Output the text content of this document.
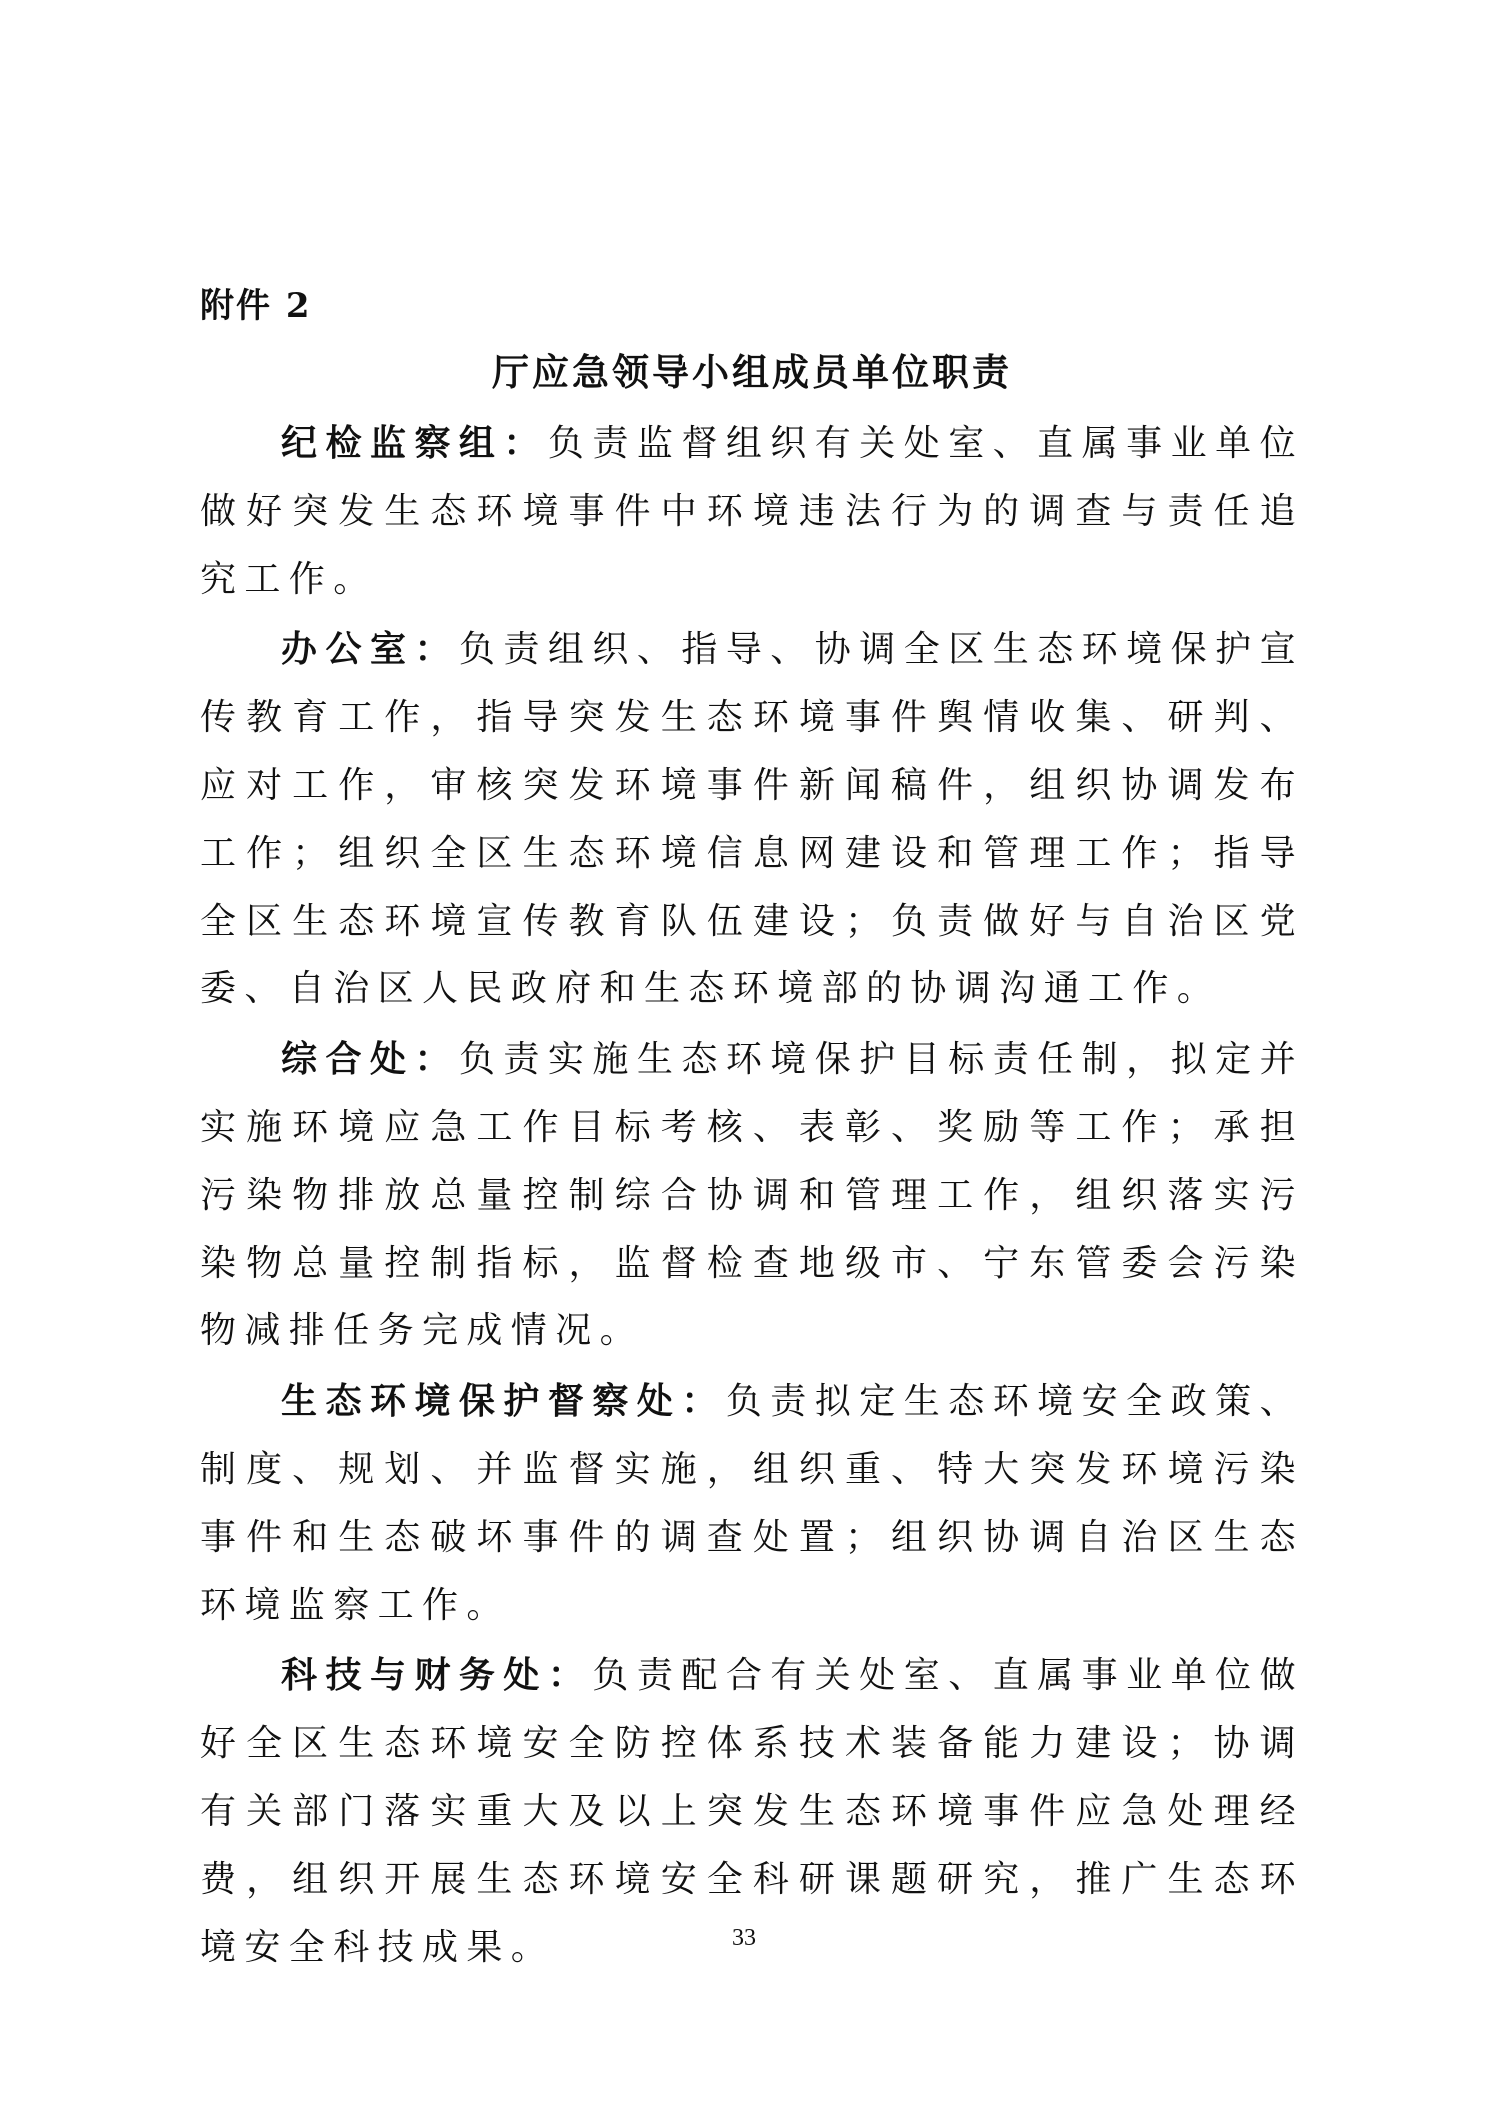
附件 2

厅应急领导小组成员单位职责

纪检监察组：负责监督组织有关处室、直属事业单位做好突发生态环境事件中环境违法行为的调查与责任追究工作。

办公室：负责组织、指导、协调全区生态环境保护宣传教育工作，指导突发生态环境事件舆情收集、研判、应对工作，审核突发环境事件新闻稿件，组织协调发布工作；组织全区生态环境信息网建设和管理工作；指导全区生态环境宣传教育队伍建设；负责做好与自治区党委、自治区人民政府和生态环境部的协调沟通工作。

综合处：负责实施生态环境保护目标责任制，拟定并实施环境应急工作目标考核、表彰、奖励等工作；承担污染物排放总量控制综合协调和管理工作，组织落实污染物总量控制指标，监督检查地级市、宁东管委会污染物减排任务完成情况。

生态环境保护督察处：负责拟定生态环境安全政策、制度、规划、并监督实施，组织重、特大突发环境污染事件和生态破坏事件的调查处置；组织协调自治区生态环境监察工作。

科技与财务处：负责配合有关处室、直属事业单位做好全区生态环境安全防控体系技术装备能力建设；协调有关部门落实重大及以上突发生态环境事件应急处理经费，组织开展生态环境安全科研课题研究，推广生态环境安全科技成果。	33
